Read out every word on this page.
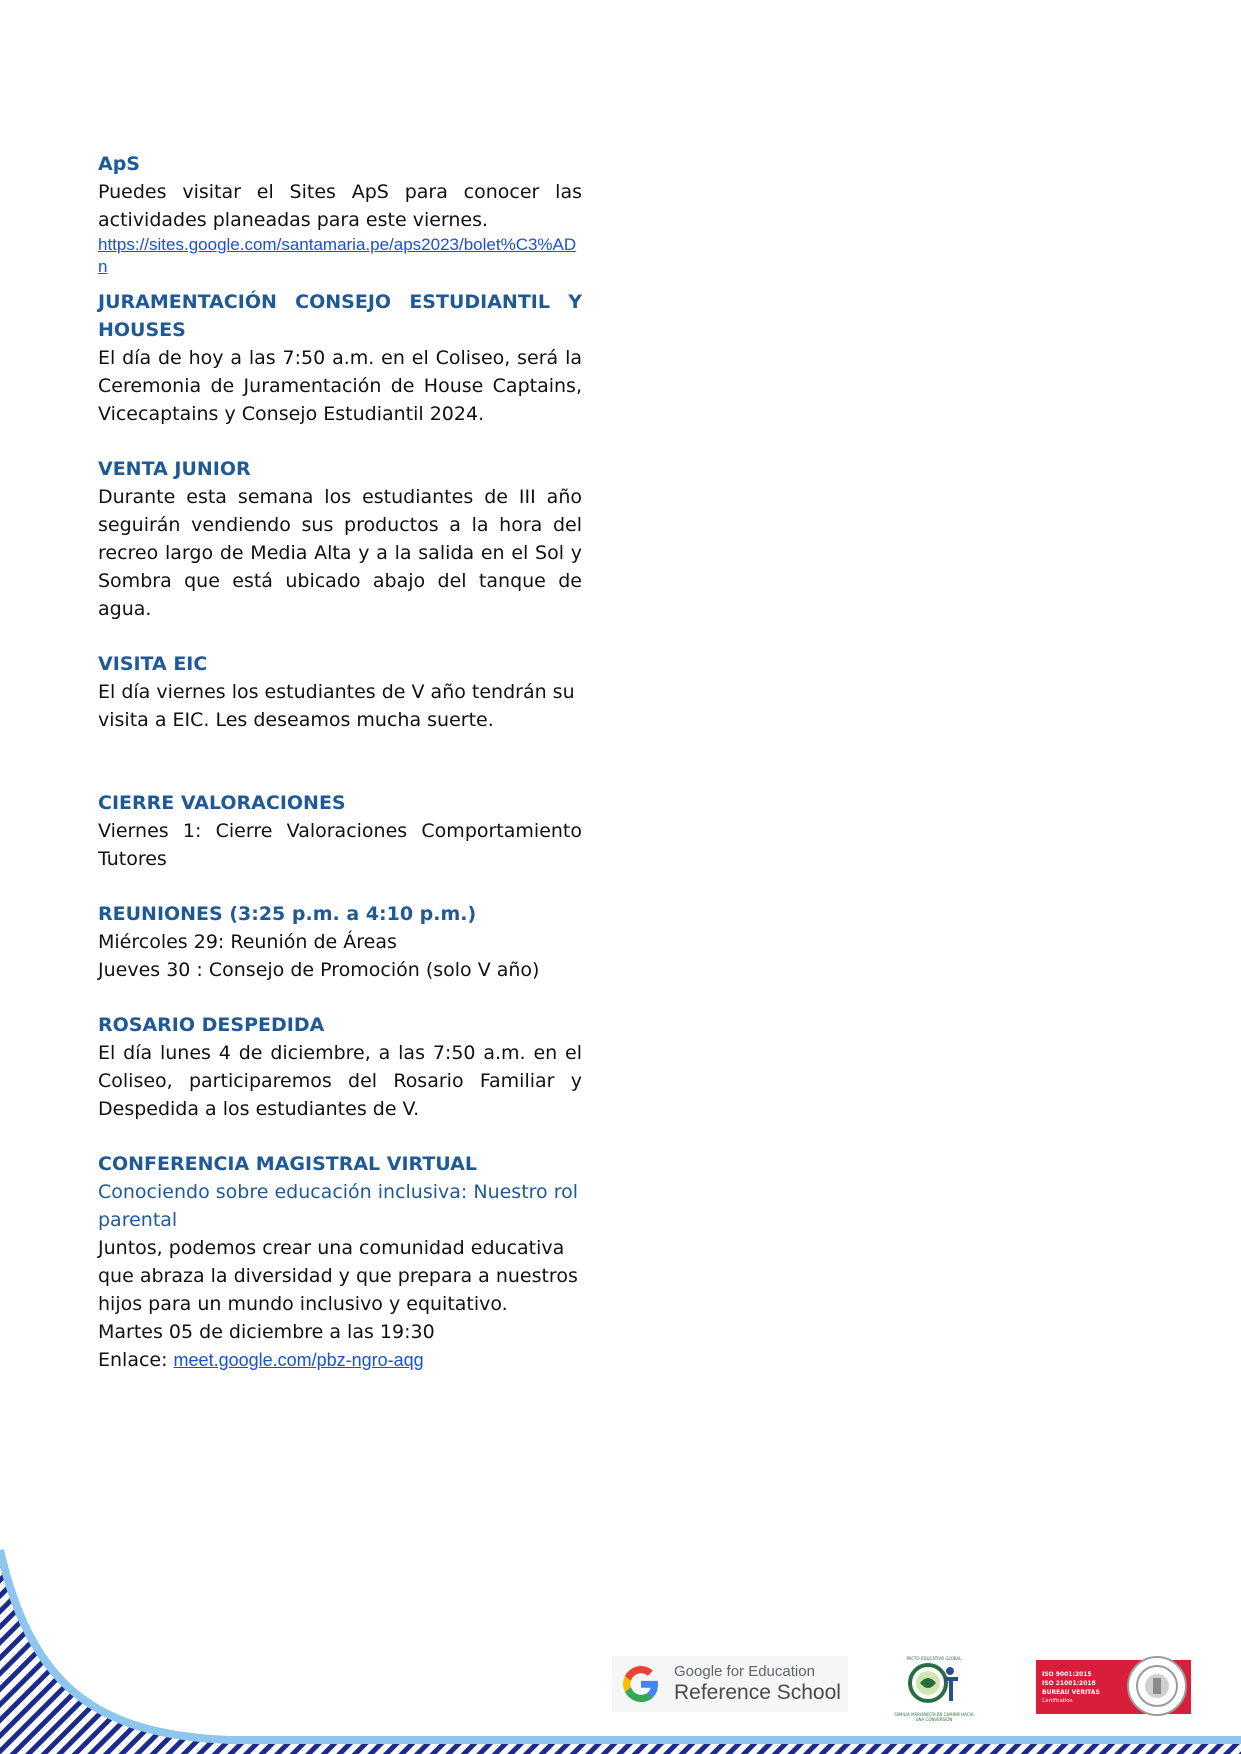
ApS

Puedes visitar el Sites ApS para conocer las actividades planeadas para este viernes.

https://sites.google.com/santamaria.pe/aps2023/bolet%C3%ADn

JURAMENTACIÓN CONSEJO ESTUDIANTIL Y HOUSES

El día de hoy a las 7:50 a.m. en el Coliseo, será la Ceremonia de Juramentación de House Captains, Vicecaptains y Consejo Estudiantil 2024.

VENTA JUNIOR

Durante esta semana los estudiantes de III año seguirán vendiendo sus productos a la hora del recreo largo de Media Alta y a la salida en el Sol y Sombra que está ubicado abajo del tanque de agua.

VISITA EIC

El día viernes los estudiantes de V año tendrán su

visita a EIC. Les deseamos mucha suerte.

CIERRE VALORACIONES

Viernes 1: Cierre Valoraciones Comportamiento Tutores

REUNIONES (3:25 p.m. a 4:10 p.m.)

Miércoles 29: Reunión de Áreas

Jueves 30 : Consejo de Promoción (solo V año)

ROSARIO DESPEDIDA

El día lunes 4 de diciembre, a las 7:50 a.m. en el Coliseo, participaremos del Rosario Familiar y Despedida a los estudiantes de V.

CONFERENCIA MAGISTRAL VIRTUAL

Conociendo sobre educación inclusiva: Nuestro rol

parental

Juntos, podemos crear una comunidad educativa

que abraza la diversidad y que prepara a nuestros

hijos para un mundo inclusivo y equitativo.

Martes 05 de diciembre a las 19:30

Enlace: meet.google.com/pbz-ngro-aqg

Google for Education
Reference School
PACTO EDUCATIVO GLOBAL
FAMILIA MARIANISTA EN CAMINO HACIA UNA CONVERSIÓN
ISO 9001:2015
ISO 21001:2018
BUREAU VERITAS
Certification
